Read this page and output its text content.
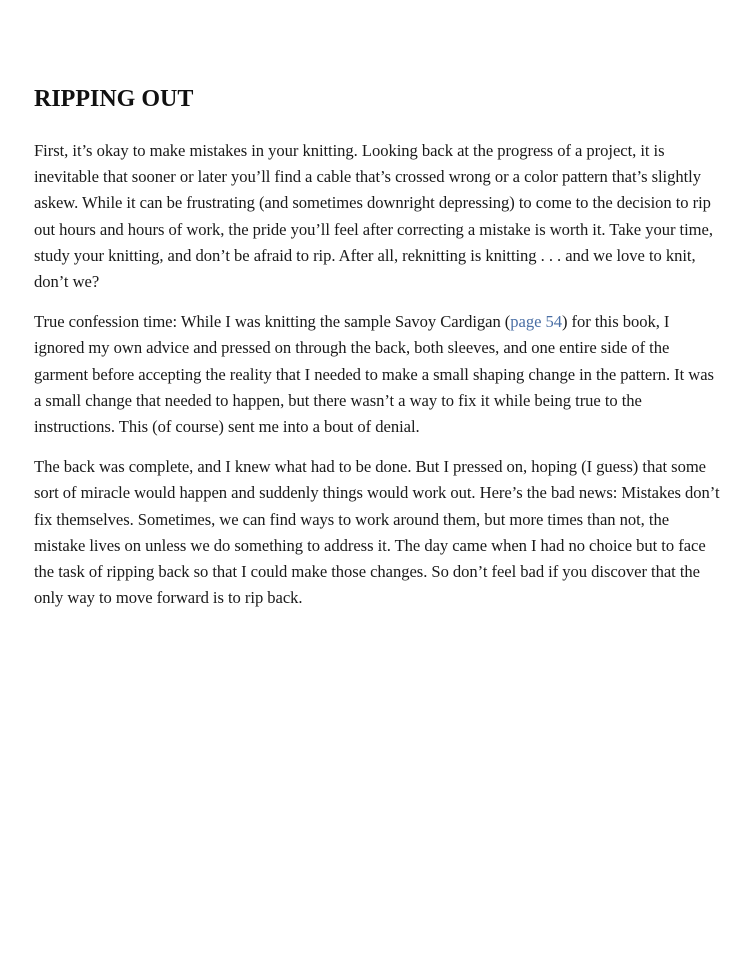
RIPPING OUT

First, it’s okay to make mistakes in your knitting. Looking back at the progress of a project, it is inevitable that sooner or later you’ll find a cable that’s crossed wrong or a color pattern that’s slightly askew. While it can be frustrating (and sometimes downright depressing) to come to the decision to rip out hours and hours of work, the pride you’ll feel after correcting a mistake is worth it. Take your time, study your knitting, and don’t be afraid to rip. After all, reknitting is knitting . . . and we love to knit, don’t we?

True confession time: While I was knitting the sample Savoy Cardigan (page 54) for this book, I ignored my own advice and pressed on through the back, both sleeves, and one entire side of the garment before accepting the reality that I needed to make a small shaping change in the pattern. It was a small change that needed to happen, but there wasn’t a way to fix it while being true to the instructions. This (of course) sent me into a bout of denial.

The back was complete, and I knew what had to be done. But I pressed on, hoping (I guess) that some sort of miracle would happen and suddenly things would work out. Here’s the bad news: Mistakes don’t fix themselves. Sometimes, we can find ways to work around them, but more times than not, the mistake lives on unless we do something to address it. The day came when I had no choice but to face the task of ripping back so that I could make those changes. So don’t feel bad if you discover that the only way to move forward is to rip back.
